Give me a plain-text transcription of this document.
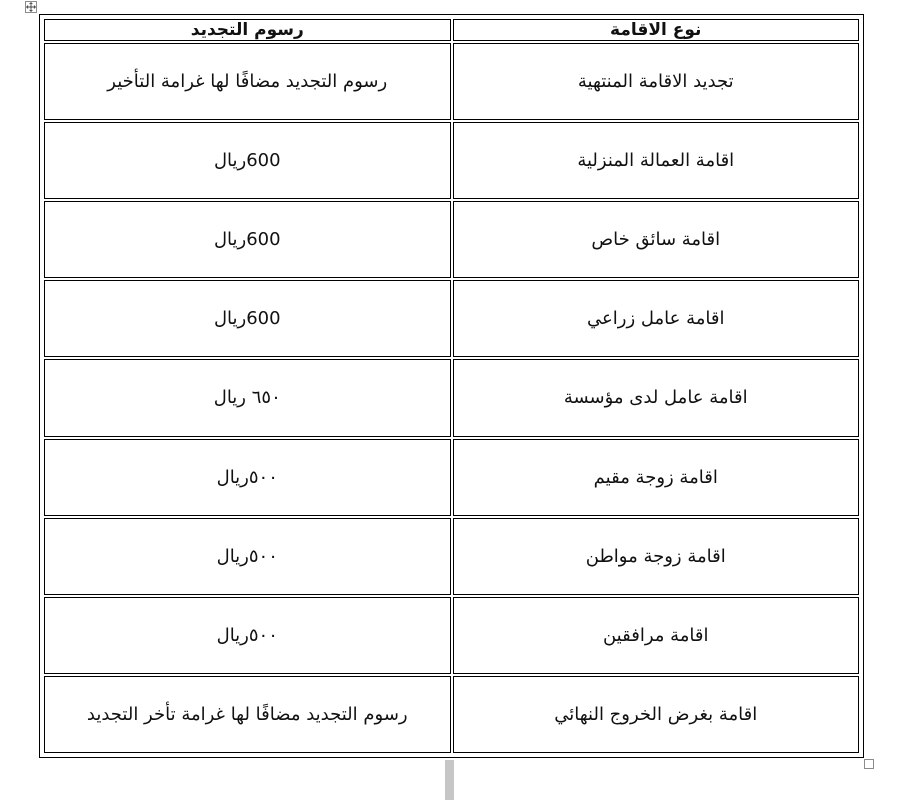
نوع الاقامة	رسوم التجديد
تجديد الاقامة المنتهية	رسوم التجديد مضافًا لها غرامة التأخير
اقامة العمالة المنزلية	600ريال
اقامة سائق خاص	600ريال
اقامة عامل زراعي	600ريال
اقامة عامل لدى مؤسسة	٦٥٠ ريال
اقامة زوجة مقيم	٥٠٠ريال
اقامة زوجة مواطن	٥٠٠ريال
اقامة مرافقين	٥٠٠ريال
اقامة بغرض الخروج النهائي	رسوم التجديد مضافًا لها غرامة تأخر التجديد
